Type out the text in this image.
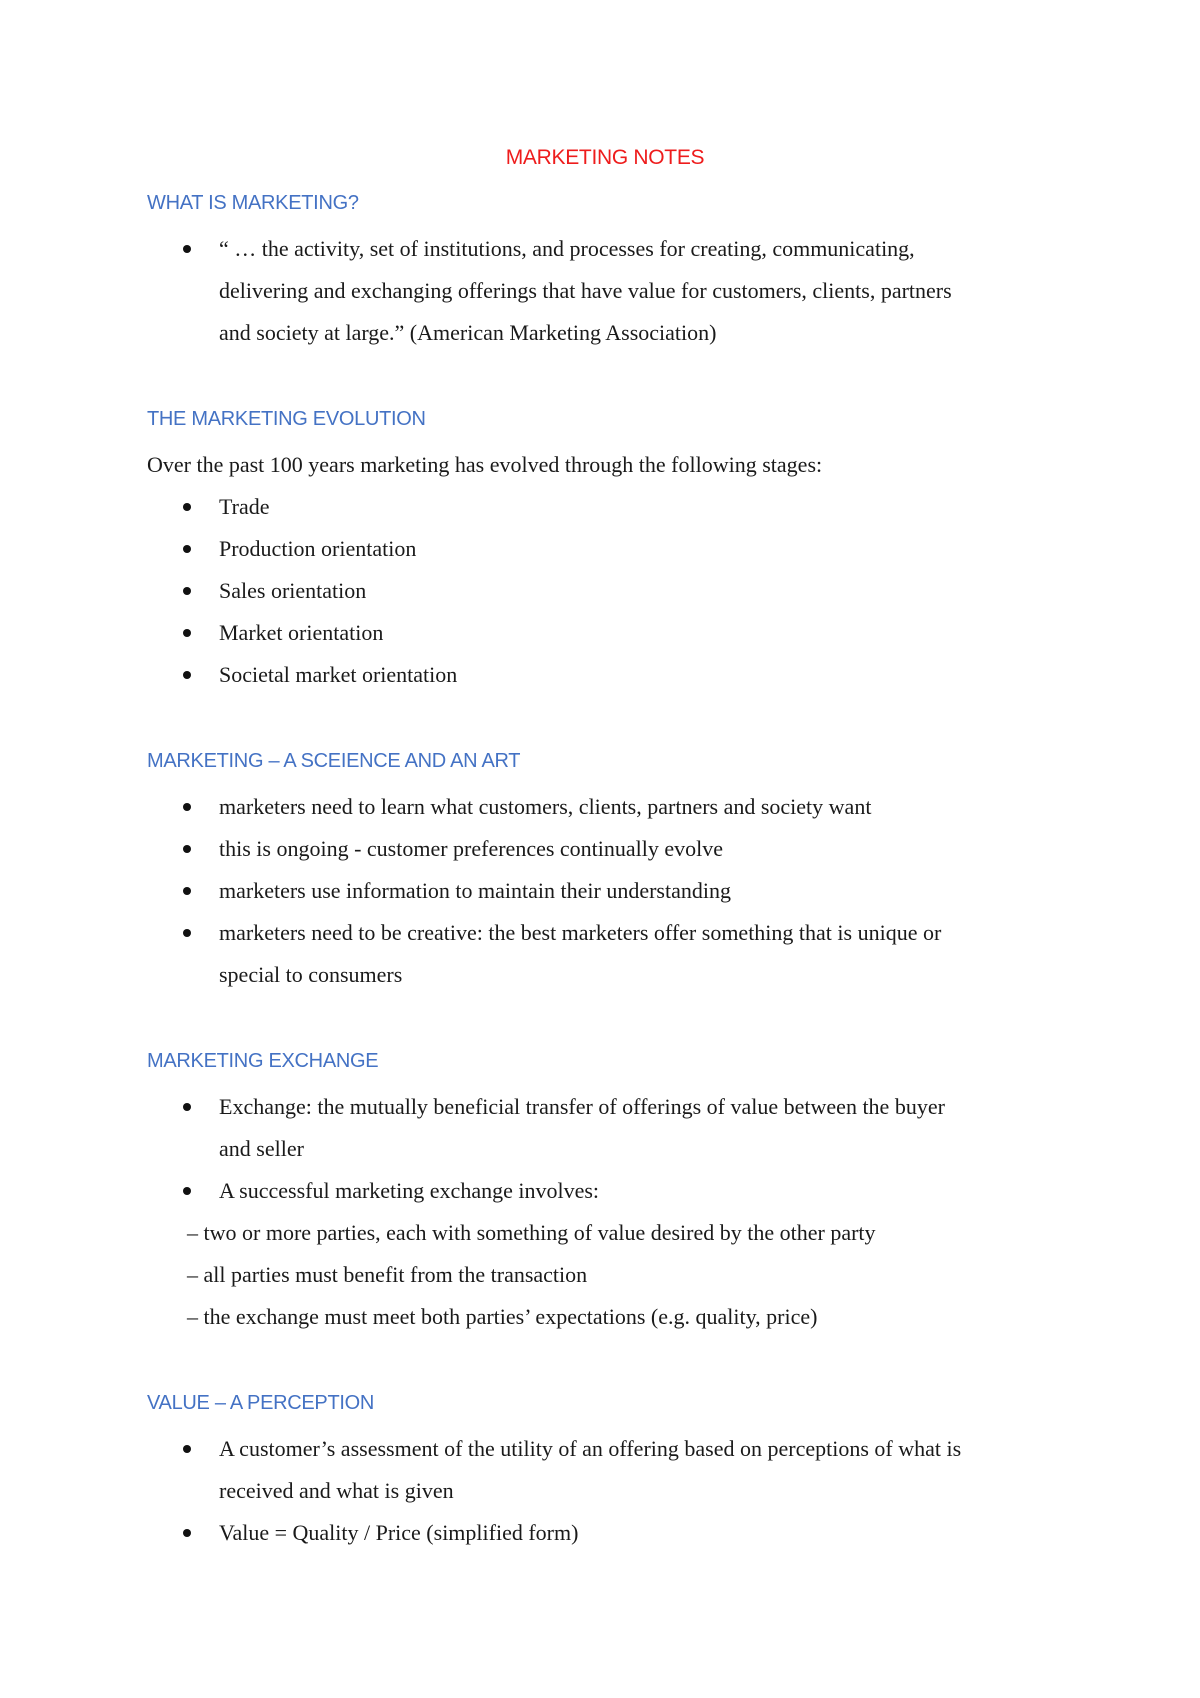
MARKETING NOTES
WHAT IS MARKETING?
“ … the activity, set of institutions, and processes for creating, communicating,
delivering and exchanging offerings that have value for customers, clients, partners
and society at large.” (American Marketing Association)
THE MARKETING EVOLUTION
Over the past 100 years marketing has evolved through the following stages:
Trade
Production orientation
Sales orientation
Market orientation
Societal market orientation
MARKETING – A SCEIENCE AND AN ART
marketers need to learn what customers, clients, partners and society want
this is ongoing - customer preferences continually evolve
marketers use information to maintain their understanding
marketers need to be creative: the best marketers offer something that is unique or
special to consumers
MARKETING EXCHANGE
Exchange: the mutually beneficial transfer of offerings of value between the buyer
and seller
A successful marketing exchange involves:
– two or more parties, each with something of value desired by the other party
– all parties must benefit from the transaction
– the exchange must meet both parties’ expectations (e.g. quality, price)
VALUE – A PERCEPTION
A customer’s assessment of the utility of an offering based on perceptions of what is
received and what is given
Value = Quality / Price (simplified form)
